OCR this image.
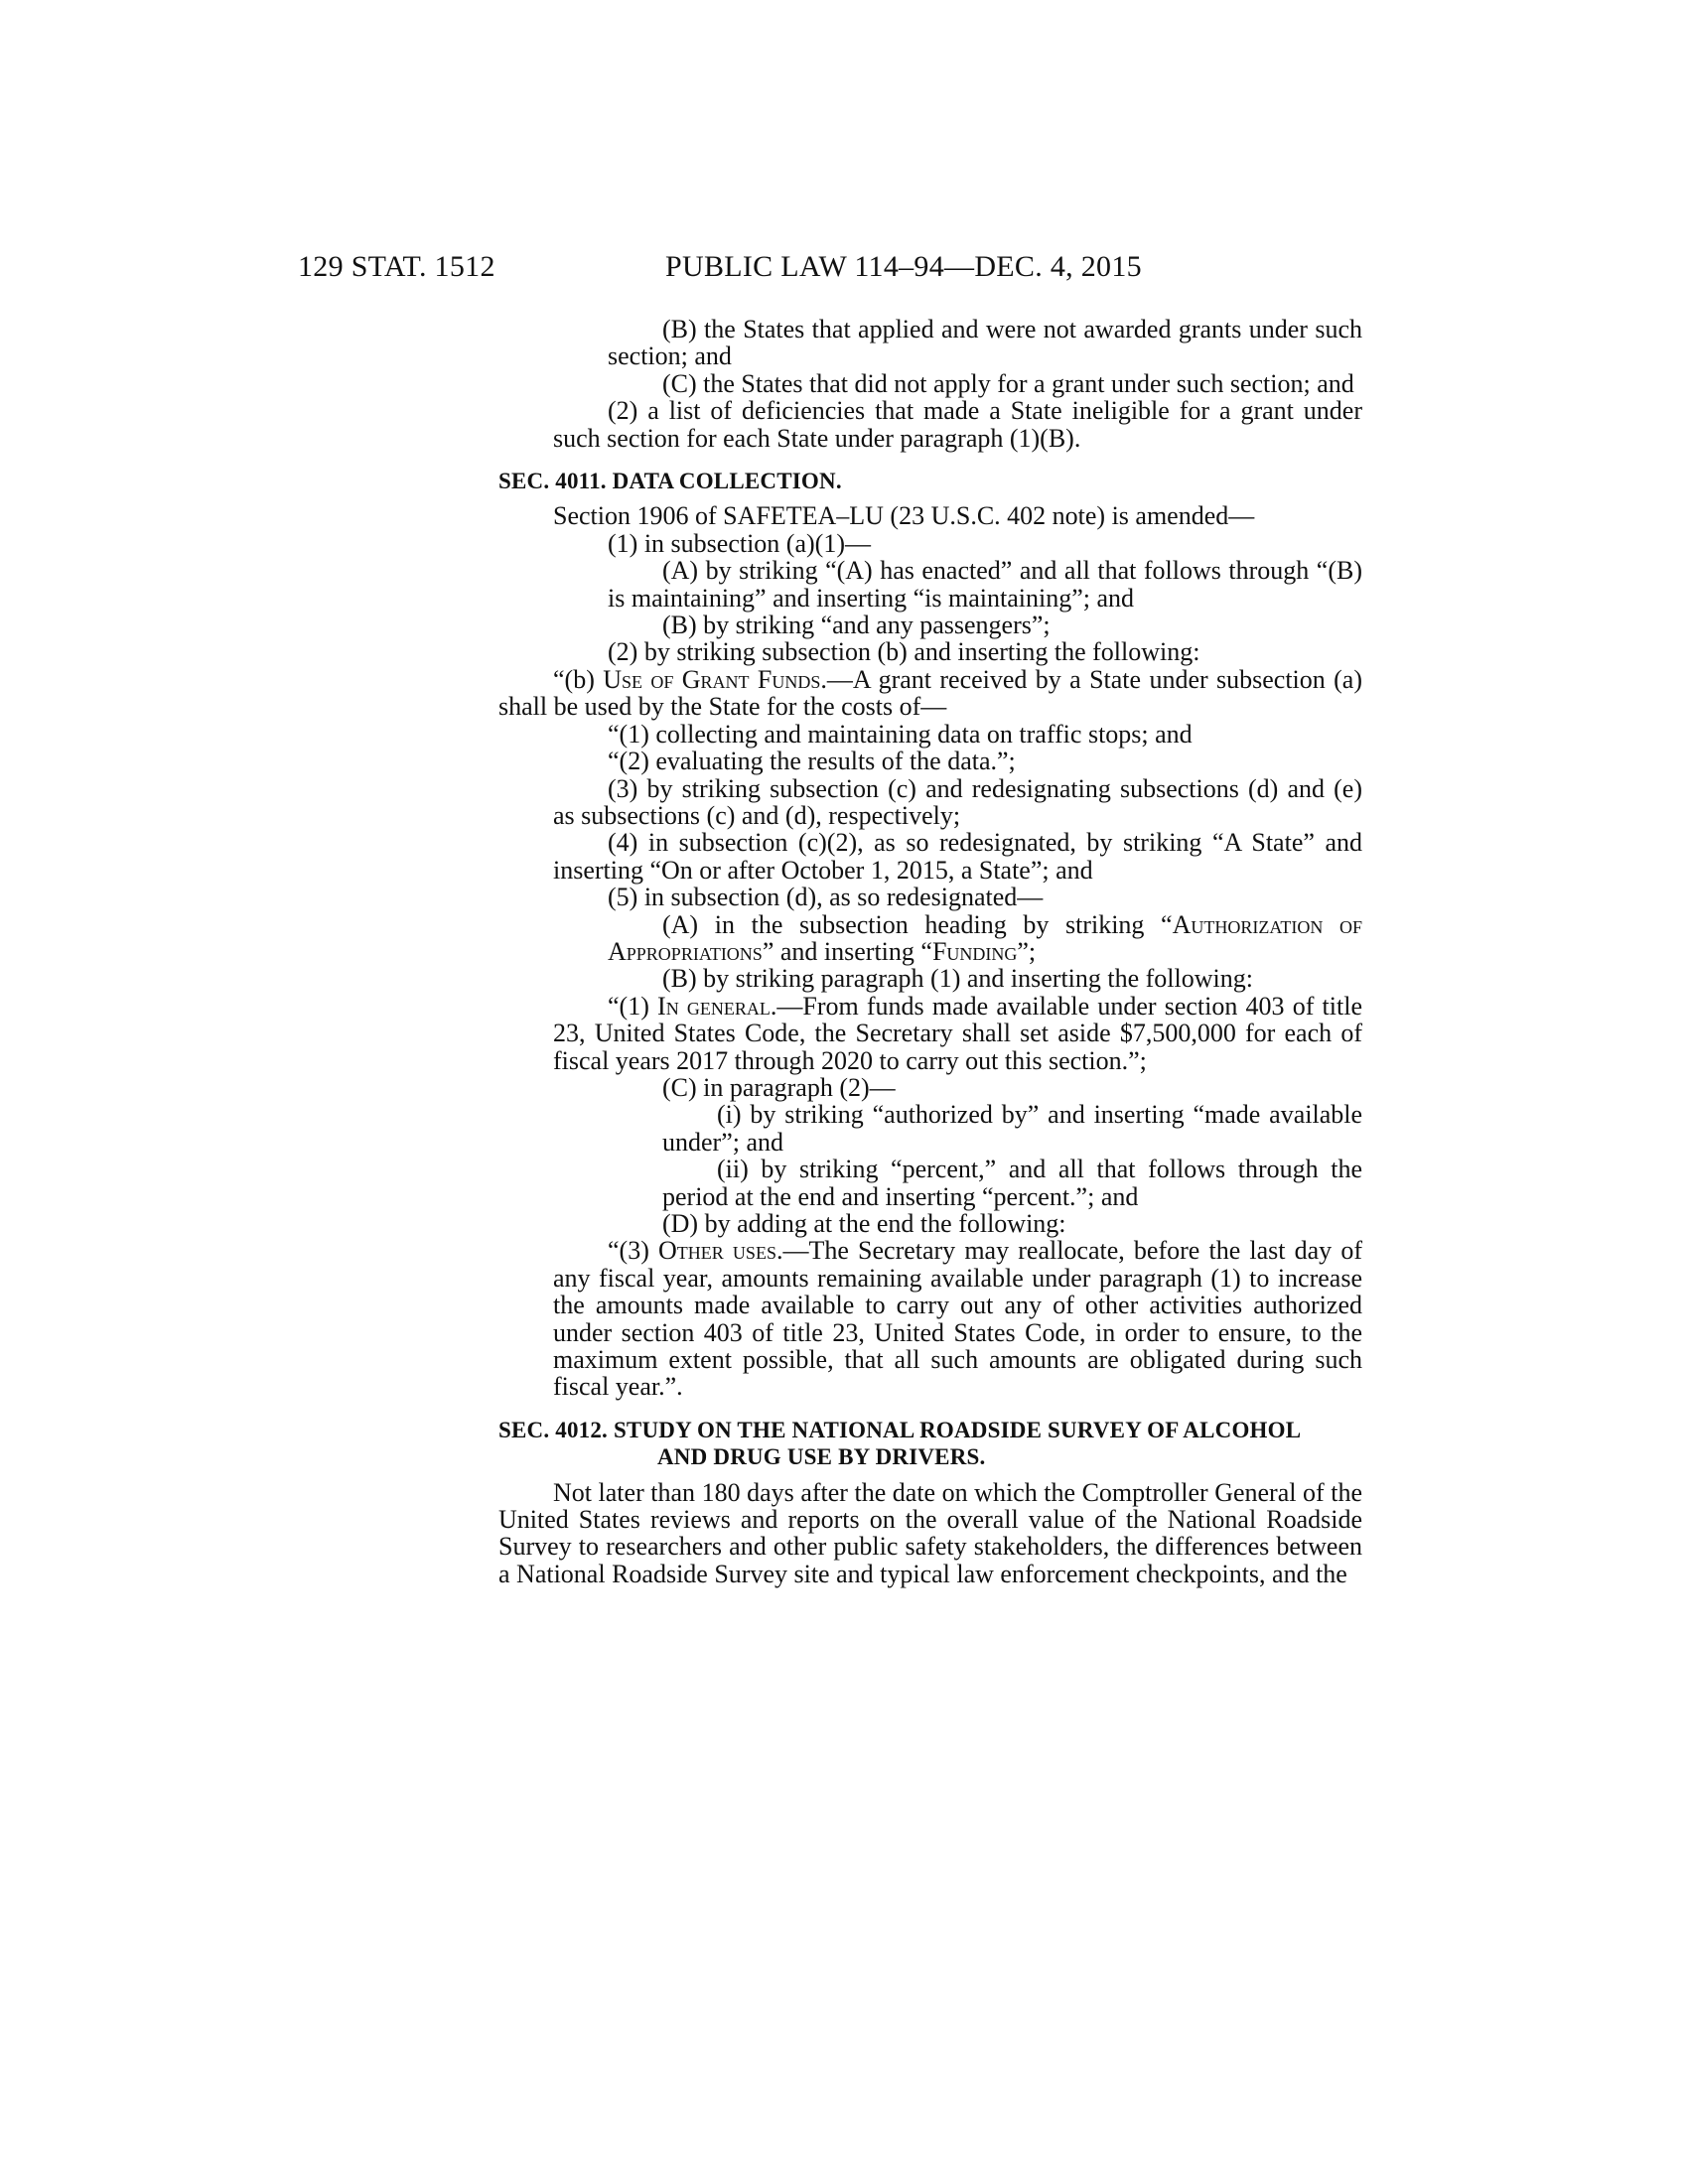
129 STAT. 1512	PUBLIC LAW 114–94—DEC. 4, 2015

(B) the States that applied and were not awarded grants under such section; and

(C) the States that did not apply for a grant under such section; and

(2) a list of deficiencies that made a State ineligible for a grant under such section for each State under paragraph (1)(B).

SEC. 4011. DATA COLLECTION.

Section 1906 of SAFETEA–LU (23 U.S.C. 402 note) is amended—

(1) in subsection (a)(1)—

(A) by striking “(A) has enacted” and all that follows through “(B) is maintaining” and inserting “is maintaining”; and

(B) by striking “and any passengers”;

(2) by striking subsection (b) and inserting the following:

“(b) Use of Grant Funds.—A grant received by a State under subsection (a) shall be used by the State for the costs of—

“(1) collecting and maintaining data on traffic stops; and

“(2) evaluating the results of the data.”;

(3) by striking subsection (c) and redesignating subsections (d) and (e) as subsections (c) and (d), respectively;

(4) in subsection (c)(2), as so redesignated, by striking “A State” and inserting “On or after October 1, 2015, a State”; and

(5) in subsection (d), as so redesignated—

(A) in the subsection heading by striking “Authorization of Appropriations” and inserting “Funding”;

(B) by striking paragraph (1) and inserting the following:

“(1) In general.—From funds made available under section 403 of title 23, United States Code, the Secretary shall set aside $7,500,000 for each of fiscal years 2017 through 2020 to carry out this section.”;

(C) in paragraph (2)—

(i) by striking “authorized by” and inserting “made available under”; and

(ii) by striking “percent,” and all that follows through the period at the end and inserting “percent.”; and

(D) by adding at the end the following:

“(3) Other uses.—The Secretary may reallocate, before the last day of any fiscal year, amounts remaining available under paragraph (1) to increase the amounts made available to carry out any of other activities authorized under section 403 of title 23, United States Code, in order to ensure, to the maximum extent possible, that all such amounts are obligated during such fiscal year.”.

SEC. 4012. STUDY ON THE NATIONAL ROADSIDE SURVEY OF ALCOHOL
AND DRUG USE BY DRIVERS.

Not later than 180 days after the date on which the Comptroller General of the United States reviews and reports on the overall value of the National Roadside Survey to researchers and other public safety stakeholders, the differences between a National Roadside Survey site and typical law enforcement checkpoints, and the
